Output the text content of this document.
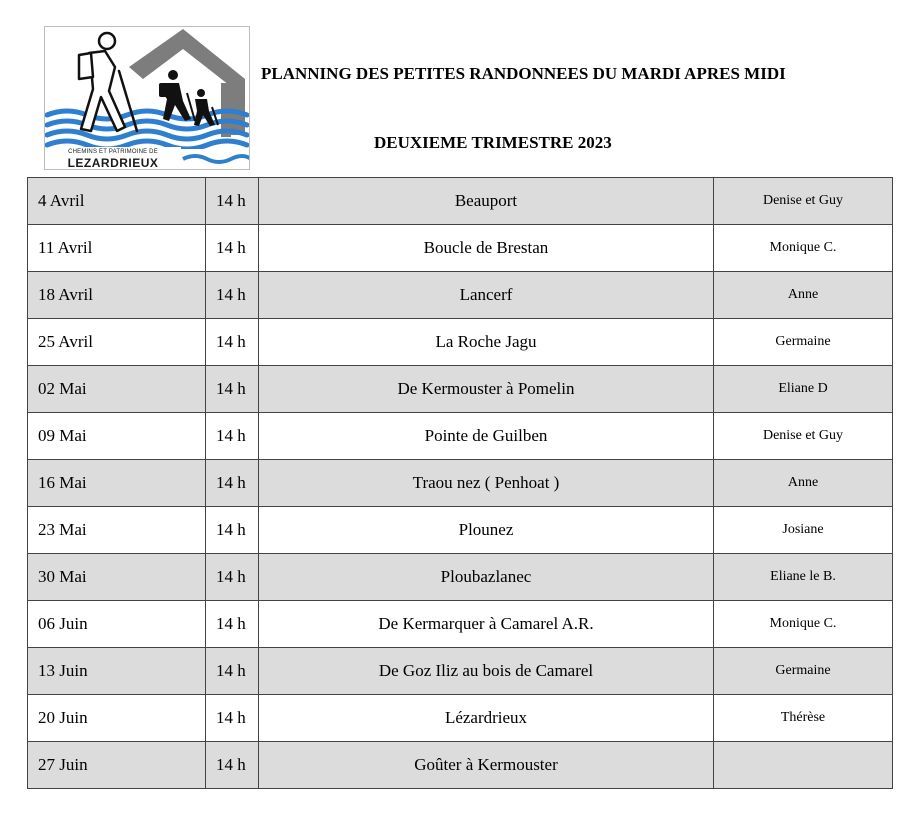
CHEMINS ET PATRIMOINE DE
LEZARDRIEUX
PLANNING DES PETITES RANDONNEES DU MARDI APRES MIDI
DEUXIEME TRIMESTRE 2023
4 Avril	14 h	Beauport	Denise et Guy
11 Avril	14 h	Boucle de Brestan	Monique C.
18 Avril	14 h	Lancerf	Anne
25 Avril	14 h	La Roche Jagu	Germaine
02 Mai	14 h	De Kermouster à Pomelin	Eliane D
09 Mai	14 h	Pointe de Guilben	Denise et Guy
16 Mai	14 h	Traou nez ( Penhoat )	Anne
23 Mai	14 h	Plounez	Josiane
30 Mai	14 h	Ploubazlanec	Eliane le B.
06 Juin	14 h	De Kermarquer à Camarel A.R.	Monique C.
13 Juin	14 h	De Goz Iliz au bois de Camarel	Germaine
20 Juin	14 h	Lézardrieux	Thérèse
27 Juin	14 h	Goûter à Kermouster	
